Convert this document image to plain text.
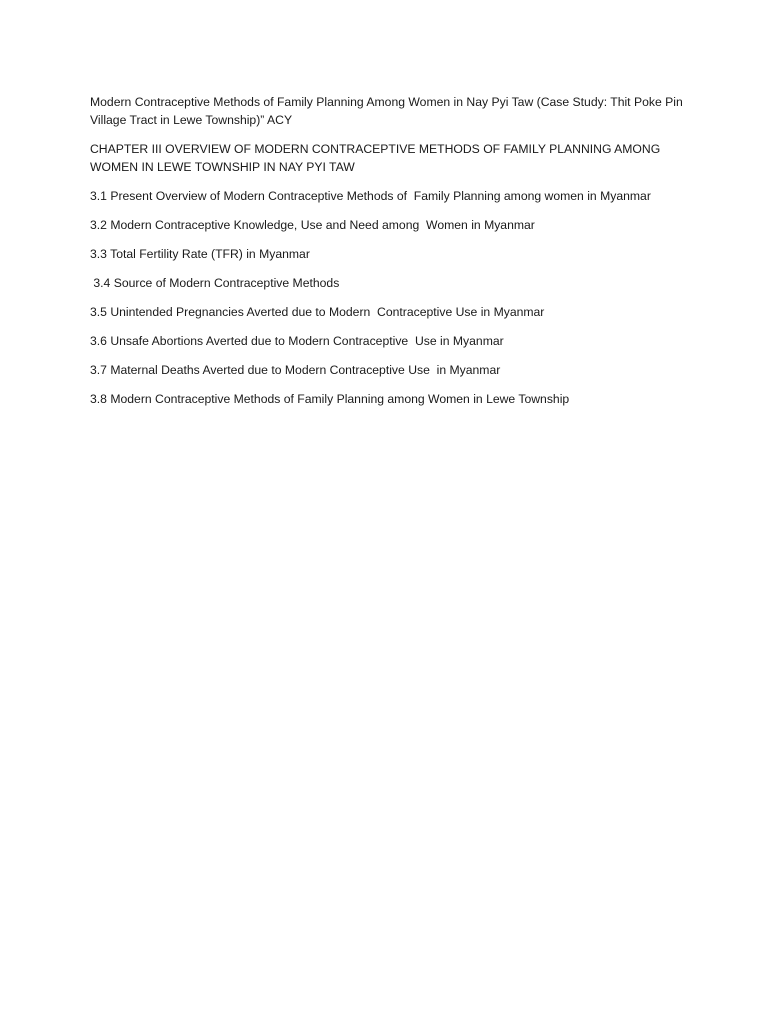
Modern Contraceptive Methods of Family Planning Among Women in Nay Pyi Taw (Case Study: Thit Poke Pin Village Tract in Lewe Township)” ACY

CHAPTER III OVERVIEW OF MODERN CONTRACEPTIVE METHODS OF FAMILY PLANNING AMONG WOMEN IN LEWE TOWNSHIP IN NAY PYI TAW

3.1 Present Overview of Modern Contraceptive Methods of  Family Planning among women in Myanmar

3.2 Modern Contraceptive Knowledge, Use and Need among  Women in Myanmar

3.3 Total Fertility Rate (TFR) in Myanmar

3.4 Source of Modern Contraceptive Methods

3.5 Unintended Pregnancies Averted due to Modern  Contraceptive Use in Myanmar

3.6 Unsafe Abortions Averted due to Modern Contraceptive  Use in Myanmar

3.7 Maternal Deaths Averted due to Modern Contraceptive Use  in Myanmar

3.8 Modern Contraceptive Methods of Family Planning among Women in Lewe Township
